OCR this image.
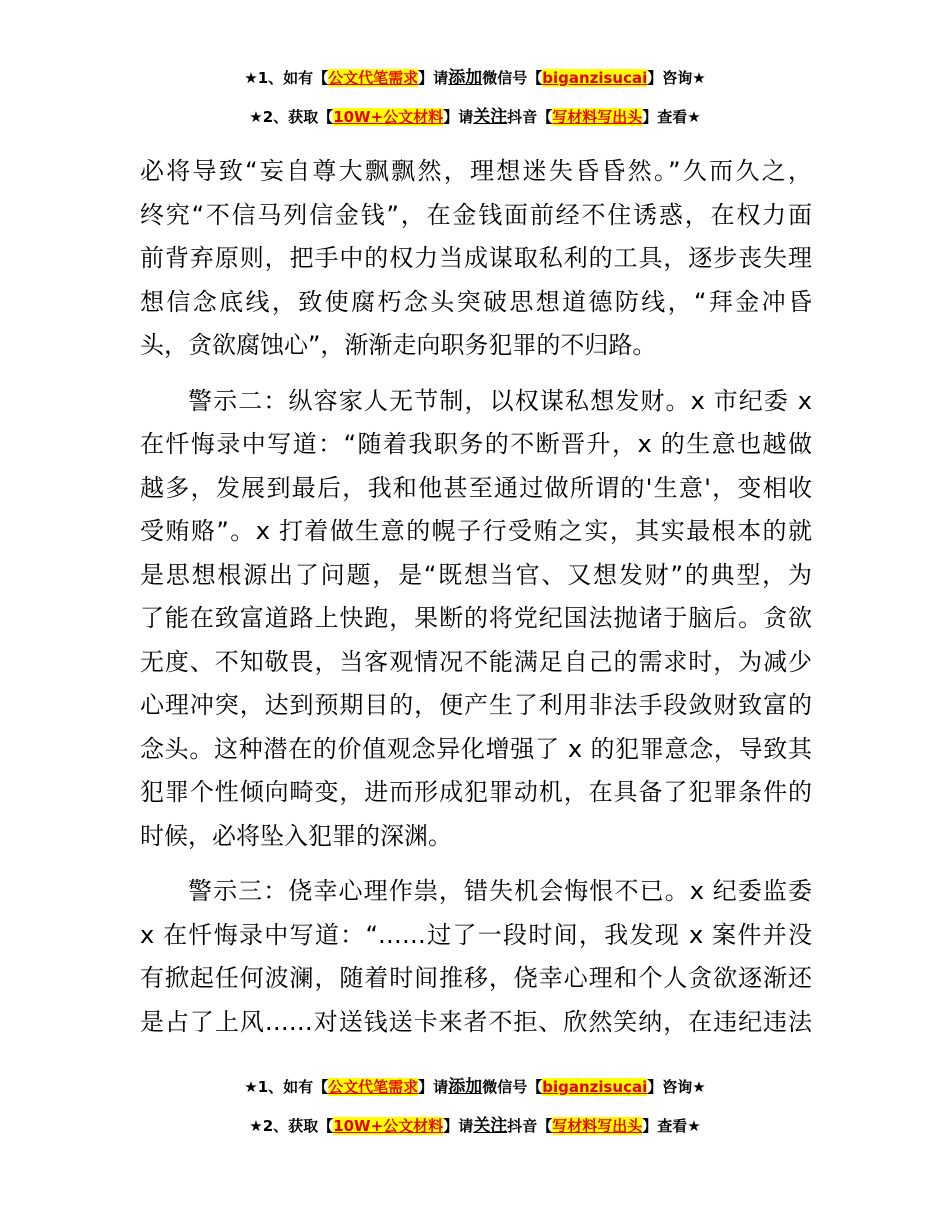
★1、如有【公文代笔需求】请添加微信号【biganzisucai】咨询★
★2、获取【10W+公文材料】请关注抖音【写材料写出头】查看★
必将导致“妄自尊大飘飘然，理想迷失昏昏然。”久而久之，
终究“不信马列信金钱”，在金钱面前经不住诱惑，在权力面
前背弃原则，把手中的权力当成谋取私利的工具，逐步丧失理
想信念底线，致使腐朽念头突破思想道德防线，“拜金冲昏
头，贪欲腐蚀心”，渐渐走向职务犯罪的不归路。
警示二：纵容家人无节制，以权谋私想发财。x 市纪委 x
在忏悔录中写道：“随着我职务的不断晋升，x 的生意也越做
越多，发展到最后，我和他甚至通过做所谓的'生意'，变相收
受贿赂”。x 打着做生意的幌子行受贿之实，其实最根本的就
是思想根源出了问题，是“既想当官、又想发财”的典型，为
了能在致富道路上快跑，果断的将党纪国法抛诸于脑后。贪欲
无度、不知敬畏，当客观情况不能满足自己的需求时，为减少
心理冲突，达到预期目的，便产生了利用非法手段敛财致富的
念头。这种潜在的价值观念异化增强了 x 的犯罪意念，导致其
犯罪个性倾向畸变，进而形成犯罪动机，在具备了犯罪条件的
时候，必将坠入犯罪的深渊。
警示三：侥幸心理作祟，错失机会悔恨不已。x 纪委监委
x 在忏悔录中写道：“……过了一段时间，我发现 x 案件并没
有掀起任何波澜，随着时间推移，侥幸心理和个人贪欲逐渐还
是占了上风……对送钱送卡来者不拒、欣然笑纳，在违纪违法
★1、如有【公文代笔需求】请添加微信号【biganzisucai】咨询★
★2、获取【10W+公文材料】请关注抖音【写材料写出头】查看★
